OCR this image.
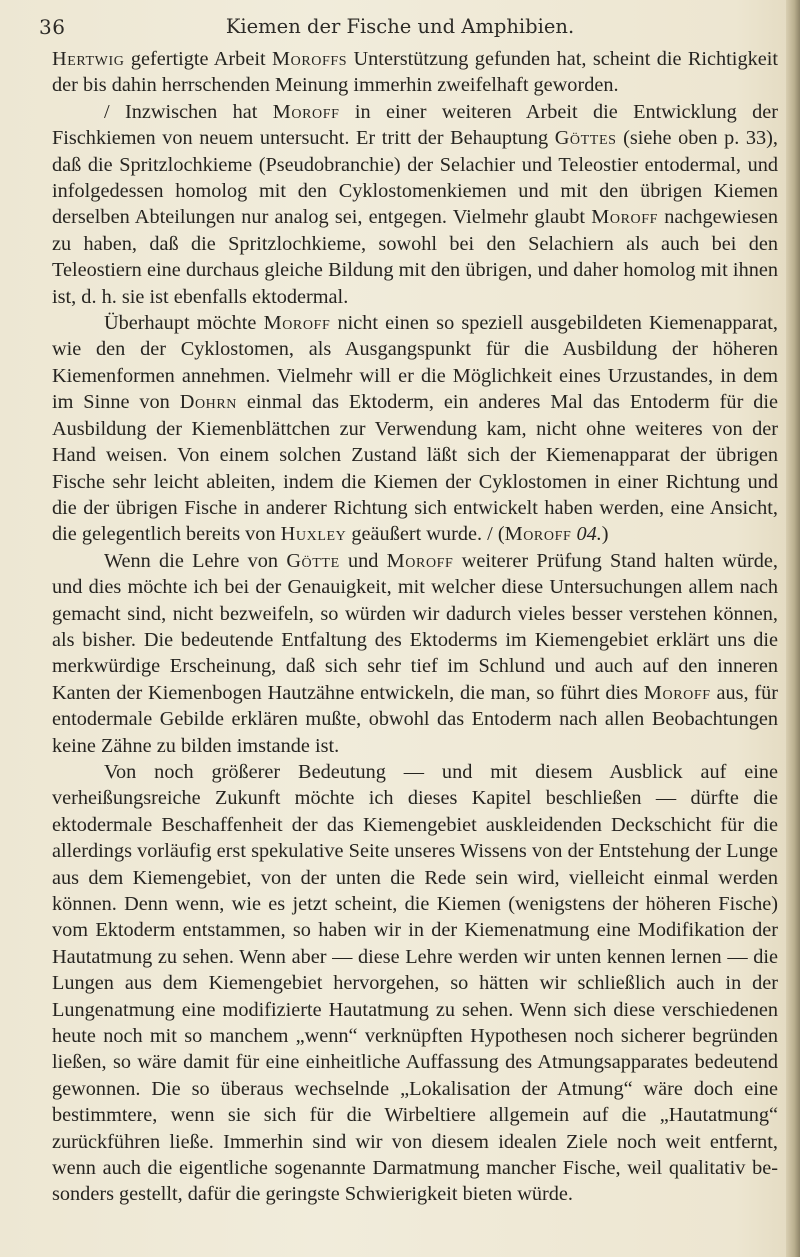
36	Kiemen der Fische und Amphibien.

Hertwig gefertigte Arbeit Moroffs Unterstützung gefunden hat, scheint die Richtigkeit der bis dahin herrschenden Meinung immerhin zweifelhaft geworden.

/ Inzwischen hat Moroff in einer weiteren Arbeit die Entwicklung der Fischkiemen von neuem untersucht. Er tritt der Behauptung Göttes (siehe oben p. 33), daß die Spritzlochkieme (Pseudobranchie) der Selachier und Teleostier entodermal, und infolgedessen homolog mit den Cyklostomenkiemen und mit den übrigen Kiemen derselben Abteilungen nur analog sei, entgegen. Vielmehr glaubt Moroff nachgewiesen zu haben, daß die Spritzlochkieme, sowohl bei den Selachiern als auch bei den Teleostiern eine durchaus gleiche Bildung mit den übrigen, und daher homolog mit ihnen ist, d. h. sie ist ebenfalls ektodermal.

Überhaupt möchte Moroff nicht einen so speziell ausgebildeten Kiemenapparat, wie den der Cyklostomen, als Ausgangspunkt für die Ausbildung der höheren Kiemenformen annehmen. Vielmehr will er die Möglichkeit eines Urzustandes, in dem im Sinne von Dohrn einmal das Ektoderm, ein anderes Mal das Entoderm für die Ausbildung der Kiemenblättchen zur Verwendung kam, nicht ohne weiteres von der Hand weisen. Von einem solchen Zustand läßt sich der Kiemenapparat der übrigen Fische sehr leicht ableiten, indem die Kiemen der Cyklostomen in einer Richtung und die der übrigen Fische in anderer Richtung sich entwickelt haben werden, eine Ansicht, die gelegentlich bereits von Huxley geäußert wurde. / (Moroff 04.)

Wenn die Lehre von Götte und Moroff weiterer Prüfung Stand halten würde, und dies möchte ich bei der Genauigkeit, mit welcher diese Untersuchungen allem nach gemacht sind, nicht bezweifeln, so würden wir dadurch vieles besser verstehen können, als bisher. Die bedeutende Entfaltung des Ektoderms im Kiemengebiet erklärt uns die merkwürdige Erscheinung, daß sich sehr tief im Schlund und auch auf den inneren Kanten der Kiemenbogen Hautzähne entwickeln, die man, so führt dies Moroff aus, für entodermale Gebilde erklären mußte, obwohl das Entoderm nach allen Beobachtungen keine Zähne zu bilden imstande ist.

Von noch größerer Bedeutung — und mit diesem Ausblick auf eine verheißungsreiche Zukunft möchte ich dieses Kapitel beschließen — dürfte die ektodermale Beschaffenheit der das Kiemengebiet auskleidenden Deckschicht für die allerdings vorläufig erst spekulative Seite unseres Wissens von der Entstehung der Lunge aus dem Kiemengebiet, von der unten die Rede sein wird, vielleicht einmal werden können. Denn wenn, wie es jetzt scheint, die Kiemen (wenigstens der höheren Fische) vom Ektoderm entstammen, so haben wir in der Kiemenatmung eine Modifikation der Hautatmung zu sehen. Wenn aber — diese Lehre werden wir unten kennen lernen — die Lungen aus dem Kiemengebiet hervorgehen, so hätten wir schließlich auch in der Lungenatmung eine modifizierte Hautatmung zu sehen. Wenn sich diese verschiedenen heute noch mit so manchem „wenn“ verknüpften Hypothesen noch sicherer begründen ließen, so wäre damit für eine einheitliche Auffassung des Atmungsapparates bedeutend gewonnen. Die so überaus wechselnde „Lokalisation der Atmung“ wäre doch eine bestimmtere, wenn sie sich für die Wirbeltiere allgemein auf die „Hautatmung“ zurückführen ließe. Immerhin sind wir von diesem idealen Ziele noch weit entfernt, wenn auch die eigentliche sogenannte Darmatmung mancher Fische, weil qualitativ besonders gestellt, dafür die geringste Schwierigkeit bieten würde.
